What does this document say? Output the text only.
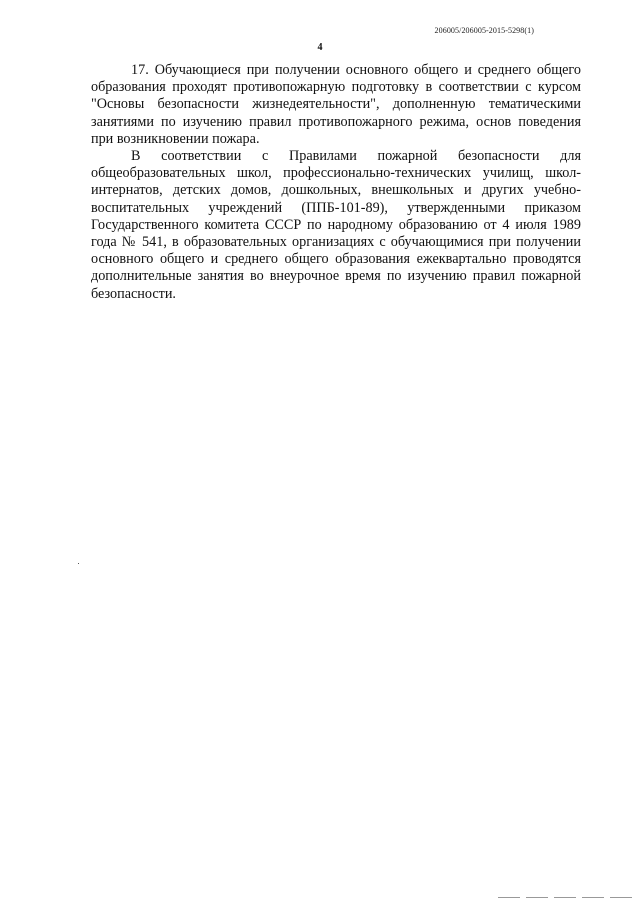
206005/206005-2015-5298(1)
4

17. Обучающиеся при получении основного общего и среднего общего образования проходят противопожарную подготовку в соответствии с курсом "Основы безопасности жизнедеятельности", дополненную тематическими занятиями по изучению правил противопожарного режима, основ поведения при возникновении пожара.

В соответствии с Правилами пожарной безопасности для общеобразовательных школ, профессионально-технических училищ, школ-интернатов, детских домов, дошкольных, внешкольных и других учебно-воспитательных учреждений (ППБ-101-89), утвержденными приказом Государственного комитета СССР по народному образованию от 4 июля 1989 года № 541, в образовательных организациях с обучающимися при получении основного общего и среднего общего образования ежеквартально проводятся дополнительные занятия во внеурочное время по изучению правил пожарной безопасности.
